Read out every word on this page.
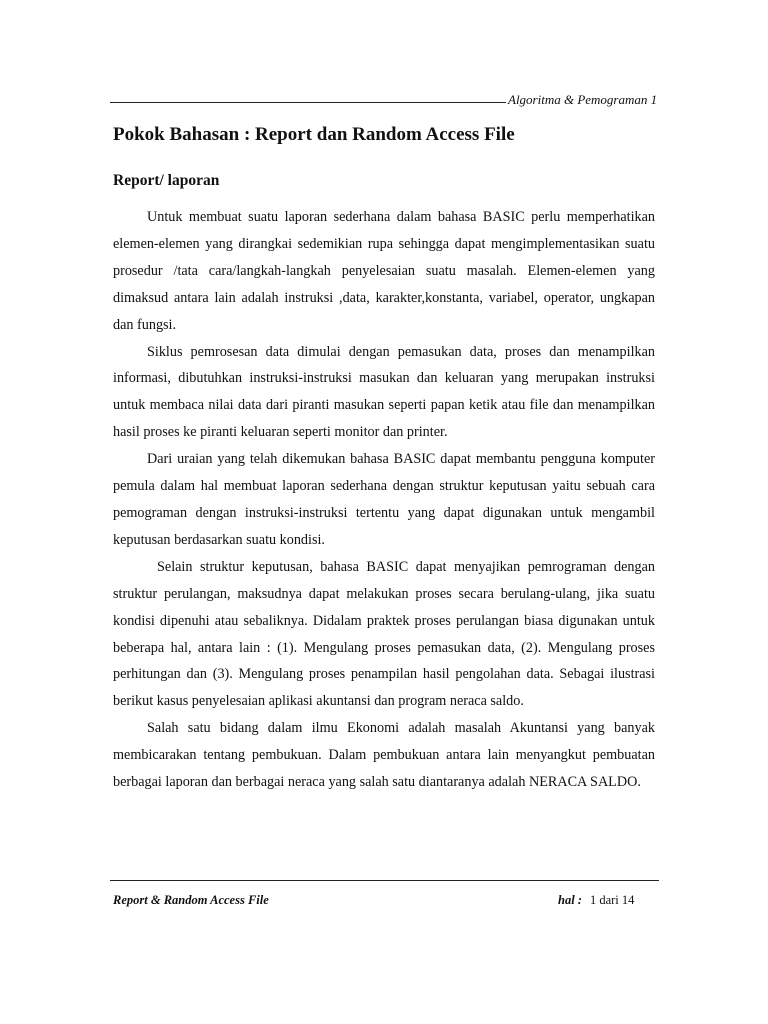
Algoritma & Pemograman 1
Pokok Bahasan : Report dan Random Access File
Report/ laporan

Untuk membuat suatu laporan sederhana dalam bahasa BASIC perlu memperhatikan elemen-elemen yang dirangkai sedemikian rupa sehingga dapat mengimplementasikan suatu prosedur /tata cara/langkah-langkah penyelesaian suatu masalah. Elemen-elemen yang dimaksud antara lain adalah instruksi ,data, karakter,konstanta, variabel, operator, ungkapan dan fungsi.

Siklus pemrosesan data dimulai dengan pemasukan data, proses dan menampilkan informasi, dibutuhkan instruksi-instruksi masukan dan keluaran yang merupakan instruksi untuk membaca nilai data dari piranti masukan seperti papan ketik atau file dan menampilkan hasil proses ke piranti keluaran seperti monitor dan printer.

Dari uraian yang telah dikemukan bahasa BASIC dapat membantu pengguna komputer pemula dalam hal membuat laporan sederhana dengan struktur keputusan yaitu sebuah cara pemograman dengan instruksi-instruksi tertentu yang dapat digunakan untuk mengambil keputusan berdasarkan suatu kondisi.

Selain struktur keputusan, bahasa BASIC dapat menyajikan pemrograman dengan struktur perulangan, maksudnya dapat melakukan proses secara berulang-ulang, jika suatu kondisi dipenuhi atau sebaliknya. Didalam praktek proses perulangan biasa digunakan untuk beberapa hal, antara lain : (1). Mengulang proses pemasukan data, (2). Mengulang proses perhitungan dan (3). Mengulang proses penampilan hasil pengolahan data. Sebagai ilustrasi berikut kasus penyelesaian aplikasi akuntansi dan program neraca saldo.

Salah satu bidang dalam ilmu Ekonomi adalah masalah Akuntansi yang banyak membicarakan tentang pembukuan. Dalam pembukuan antara lain menyangkut pembuatan berbagai laporan dan berbagai neraca yang salah satu diantaranya adalah NERACA SALDO.

Report & Random Access File	hal : 1 dari 14
